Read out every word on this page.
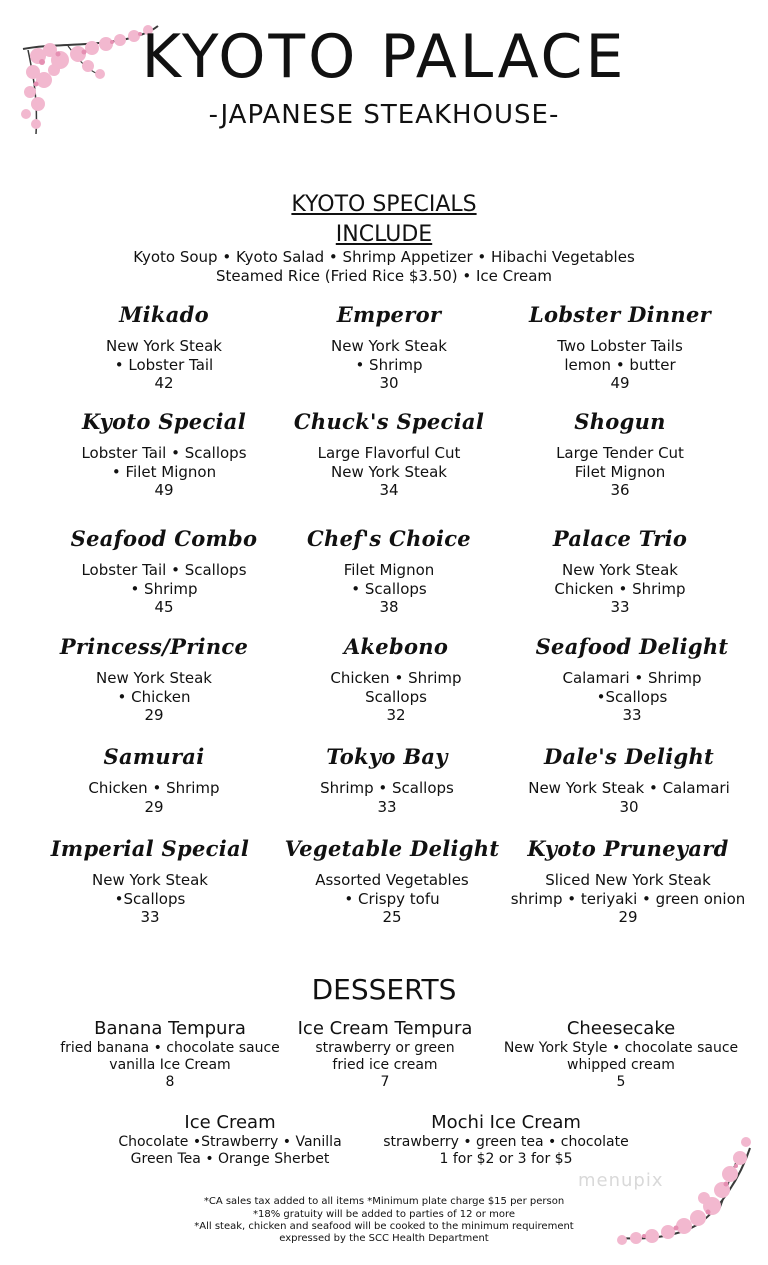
KYOTO PALACE
-JAPANESE STEAKHOUSE-
KYOTO SPECIALS
INCLUDE
Kyoto Soup • Kyoto Salad • Shrimp Appetizer • Hibachi Vegetables
Steamed Rice (Fried Rice $3.50) • Ice Cream
Mikado
New York Steak
• Lobster Tail
42
Emperor
New York Steak
• Shrimp
30
Lobster Dinner
Two Lobster Tails
lemon • butter
49
Kyoto Special
Lobster Tail • Scallops
• Filet Mignon
49
Chuck's Special
Large Flavorful Cut
New York Steak
34
Shogun
Large Tender Cut
Filet Mignon
36
Seafood Combo
Lobster Tail • Scallops
• Shrimp
45
Chef's Choice
Filet Mignon
• Scallops
38
Palace Trio
New York Steak
Chicken • Shrimp
33
Princess/Prince
New York Steak
• Chicken
29
Akebono
Chicken • Shrimp
Scallops
32
Seafood Delight
Calamari • Shrimp
•Scallops
33
Samurai
Chicken • Shrimp
29
Tokyo Bay
Shrimp • Scallops
33
Dale's Delight
New York Steak • Calamari
30
Imperial Special
New York Steak
•Scallops
33
Vegetable Delight
Assorted Vegetables
• Crispy tofu
25
Kyoto Pruneyard
Sliced New York Steak
shrimp • teriyaki • green onion
29
DESSERTS
Banana Tempura
fried banana • chocolate sauce
vanilla Ice Cream
8
Ice Cream Tempura
strawberry or green
fried ice cream
7
Cheesecake
New York Style • chocolate sauce
whipped cream
5
Ice Cream
Chocolate •Strawberry • Vanilla
Green Tea • Orange Sherbet
Mochi Ice Cream
strawberry • green tea • chocolate
1 for $2 or 3 for $5
menupix
*CA sales tax added to all items *Minimum plate charge $15 per person
*18% gratuity will be added to parties of 12 or more
*All steak, chicken and seafood will be cooked to the minimum requirement
expressed by the SCC Health Department
